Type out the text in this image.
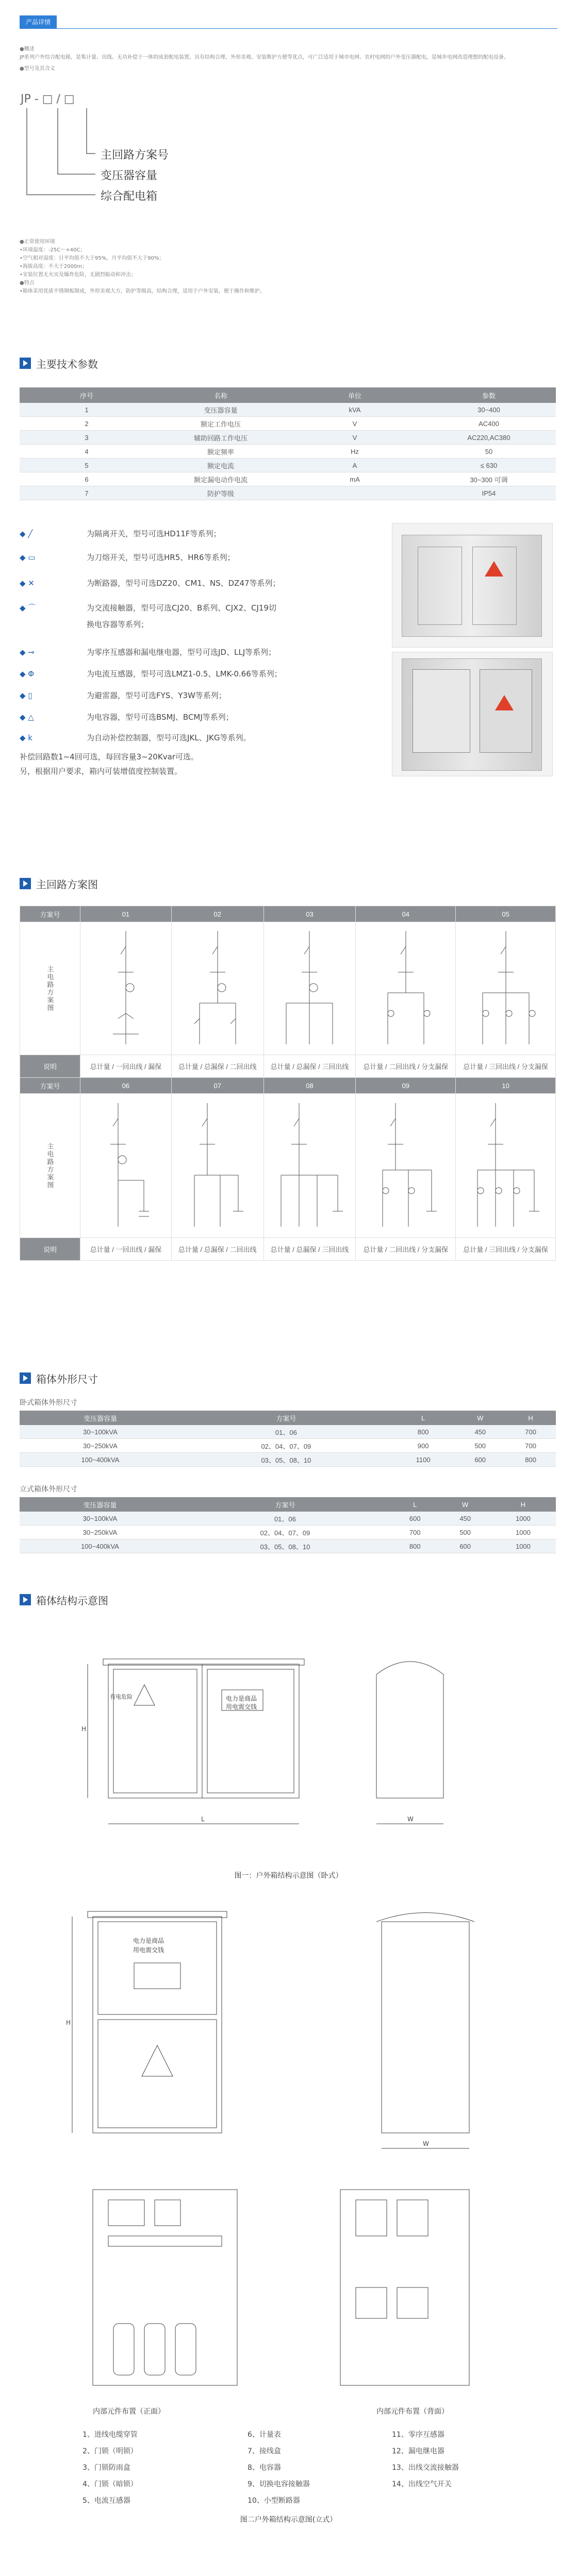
产品详情
●概述
JP系列户外综合配电箱，是集计量、出线、无功补偿于一体的成套配电装置，具有结构合理、外形美观、安装维护方便等优点，可广泛适用于城市电网、农村电网的户外变压器配电，是城乡电网改造理想的配电设备。
●型号及其含义
JP - □ / □
主回路方案号
变压器容量
综合配电箱
●正常使用环境
•环境温度：-25C～+40C；
•空气相对湿度：日平均值不大于95%，月平均值不大于90%；
•海拔高度：不大于2000m；
•安装位置无火灾及爆炸危险，无剧烈振动和冲击；
●特点
•箱体采用优质不锈钢板制成，外形美观大方，防护等级高，结构合理，适用于户外安装，便于操作和维护。
主要技术参数
序号	名称	单位	参数
1	变压器容量	kVA	30~400
2	额定工作电压	V	AC400
3	辅助回路工作电压	V	AC220,AC380
4	额定频率	Hz	50
5	额定电流	A	≤ 630
6	额定漏电动作电流	mA	30~300 可调
7	防护等级		IP54
◆ ╱	为隔离开关，型号可选HD11F等系列；
◆ ▭	为刀熔开关，型号可选HR5、HR6等系列；
◆ ✕	为断路器，型号可选DZ20、CM1、NS、DZ47等系列；
◆ ⌒	为交流接触器，型号可选CJ20、B系列、CJX2、CJ19切
换电容器等系列；
◆ ⊸	为零序互感器和漏电继电器，型号可选JD、LLJ等系列；
◆ Φ	为电流互感器，型号可选LMZ1-0.5、LMK-0.66等系列；
◆ ▯	为避雷器，型号可选FYS、Y3W等系列；
◆ △	为电容器，型号可选BSMJ、BCMJ等系列；
◆ k	为自动补偿控制器，型号可选JKL、JKG等系列。
补偿回路数1~4回可选，每回容量3~20Kvar可选。
另，根据用户要求，箱内可装增值度控制装置。
主回路方案图
方案号	01	02	03	04	05
主电路方案图					
说明	总计量 / 一回出线 / 漏保	总计量 / 总漏保 / 二回出线	总计量 / 总漏保 / 三回出线	总计量 / 二回出线 / 分支漏保	总计量 / 三回出线 / 分支漏保
方案号	06	07	08	09	10
主电路方案图					
说明	总计量 / 一回出线 / 漏保	总计量 / 总漏保 / 二回出线	总计量 / 总漏保 / 三回出线	总计量 / 二回出线 / 分支漏保	总计量 / 三回出线 / 分支漏保
箱体外形尺寸
卧式箱体外形尺寸
变压器容量	方案号	L	W	H
30~100kVA	01、06	800	450	700
30~250kVA	02、04、07、09	900	500	700
100~400kVA	03、05、08、10	1100	600	800
立式箱体外形尺寸
变压器容量	方案号	L	W	H
30~100kVA	01、06	600	450	1000
30~250kVA	02、04、07、09	700	500	1000
100~400kVA	03、05、08、10	800	600	1000
箱体结构示意图
L
H
W
有电危险	电力是商品
用电需交钱
图一：户外箱结构示意图（卧式）
H
W
电力是商品
用电需交钱
内部元件布置（正面）	内部元件布置（背面）
1、进线电缆穿管
2、门锁（明锁）
3、门锁防雨盒
4、门锁（暗锁）
5、电流互感器
6、计量表
7、接线盒
8、电容器
9、切换电容接触器
10、小型断路器
11、零序互感器
12、漏电继电器
13、出线交流接触器
14、出线空气开关
图二户外箱结构示意图(立式）
